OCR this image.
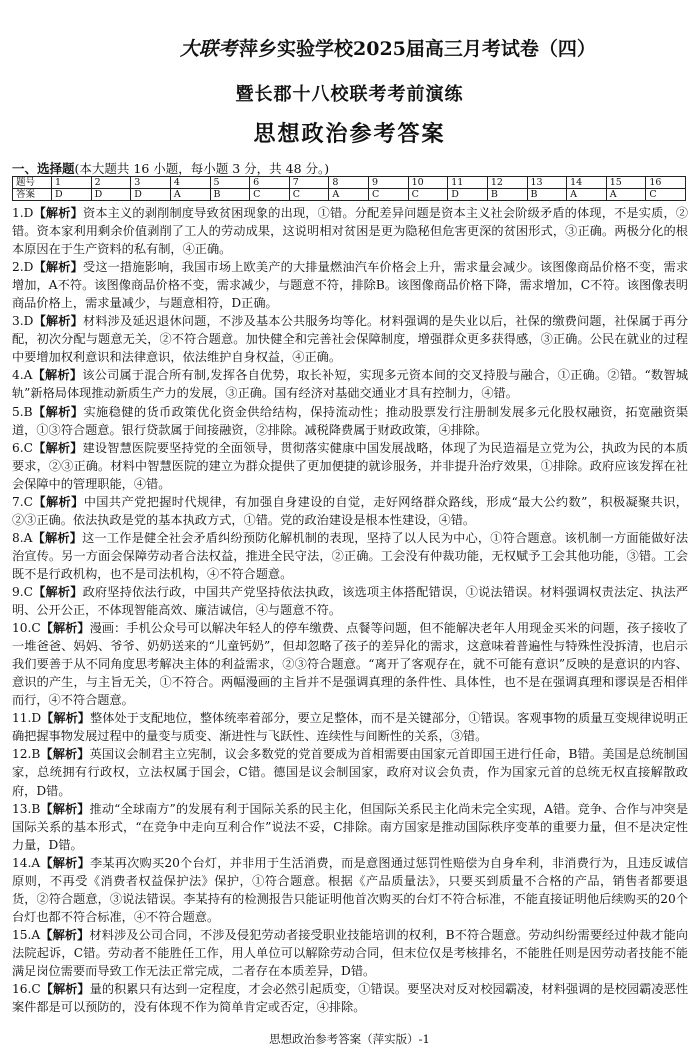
大联考 萍乡实验学校2025届高三月考试卷（四）
暨长郡十八校联考考前演练
思想政治参考答案
一、选择题(本大题共 16 小题，每小题 3 分，共 48 分。)
题号	1	2	3	4	5	6	7	8	9	10	11	12	13	14	15	16
答案	D	D	D	A	B	C	C	A	C	C	D	B	B	A	A	C

1.D【解析】资本主义的剥削制度导致贫困现象的出现，①错。分配差异问题是资本主义社会阶级矛盾的体现，不是实质，②错。资本家利用剩余价值剥削了工人的劳动成果，这说明相对贫困是更为隐秘但危害更深的贫困形式，③正确。两极分化的根本原因在于生产资料的私有制，④正确。

2.D【解析】受这一措施影响，我国市场上欧美产的大排量燃油汽车价格会上升，需求量会减少。该图像商品价格不变，需求增加，A不符。该图像商品价格不变，需求减少，与题意不符，排除B。该图像商品价格下降，需求增加，C不符。该图像表明商品价格上，需求量减少，与题意相符，D正确。

3.D【解析】材料涉及延迟退休问题，不涉及基本公共服务均等化。材料强调的是失业以后，社保的缴费问题，社保属于再分配，初次分配与题意无关，②不符合题意。加快健全和完善社会保障制度，增强群众更多获得感，③正确。公民在就业的过程中要增加权利意识和法律意识，依法维护自身权益，④正确。

4.A【解析】该公司属于混合所有制,发挥各自优势，取长补短，实现多元资本间的交叉持股与融合，①正确。②错。“数智城轨”新格局体现推动新质生产力的发展，③正确。国有经济对基础交通业才具有控制力，④错。

5.B【解析】实施稳健的货币政策优化资金供给结构，保持流动性；推动股票发行注册制发展多元化股权融资，拓宽融资渠道，①③符合题意。银行贷款属于间接融资，②排除。减税降费属于财政政策，④排除。

6.C【解析】建设智慧医院要坚持党的全面领导，贯彻落实健康中国发展战略，体现了为民造福是立党为公，执政为民的本质要求，②③正确。材料中智慧医院的建立为群众提供了更加便捷的就诊服务，并非提升治疗效果，①排除。政府应该发挥在社会保障中的管理职能，④错。

7.C【解析】中国共产党把握时代规律，有加强自身建设的自觉，走好网络群众路线，形成“最大公约数”，积极凝聚共识，②③正确。依法执政是党的基本执政方式，①错。党的政治建设是根本性建设，④错。

8.A【解析】这一工作是健全社会矛盾纠纷预防化解机制的表现，坚持了以人民为中心，①符合题意。该机制一方面能做好法治宣传。另一方面会保障劳动者合法权益，推进全民守法，②正确。工会没有仲裁功能，无权赋予工会其他功能，③错。工会既不是行政机构，也不是司法机构，④不符合题意。

9.C【解析】政府坚持依法行政，中国共产党坚持依法执政，该选项主体搭配错误，①说法错误。材料强调权责法定、执法严明、公开公正，不体现智能高效、廉洁诚信，④与题意不符。

10.C【解析】漫画：手机公众号可以解决年轻人的停车缴费、点餐等问题，但不能解决老年人用现金买米的问题，孩子接收了一堆爸爸、妈妈、爷爷、奶奶送来的“儿童钙奶”，但却忽略了孩子的差异化的需求，这意味着普遍性与特殊性没拆清，也启示我们要善于从不同角度思考解决主体的利益需求，②③符合题意。“离开了客观存在，就不可能有意识”反映的是意识的内容、意识的产生，与主旨无关，①不符合。两幅漫画的主旨并不是强调真理的条件性、具体性，也不是在强调真理和谬误是否相伴而行，④不符合题意。

11.D【解析】整体处于支配地位，整体统率着部分，要立足整体，而不是关键部分，①错误。客观事物的质量互变规律说明正确把握事物发展过程中的量变与质变、渐进性与飞跃性、连续性与间断性的关系，③错。

12.B【解析】英国议会制君主立宪制，议会多数党的党首要成为首相需要由国家元首即国王进行任命，B错。美国是总统制国家，总统拥有行政权，立法权属于国会，C错。德国是议会制国家，政府对议会负责，作为国家元首的总统无权直接解散政府，D错。

13.B【解析】推动“全球南方”的发展有利于国际关系的民主化，但国际关系民主化尚未完全实现，A错。竞争、合作与冲突是国际关系的基本形式，“在竞争中走向互利合作”说法不妥，C排除。南方国家是推动国际秩序变革的重要力量，但不是决定性力量，D错。

14.A【解析】李某再次购买20个台灯，并非用于生活消费，而是意图通过惩罚性赔偿为自身牟利，非消费行为，且违反诚信原则，不再受《消费者权益保护法》保护，①符合题意。根据《产品质量法》，只要买到质量不合格的产品，销售者都要退货，②符合题意，③说法错误。李某持有的检测报告只能证明他首次购买的台灯不符合标准，不能直接证明他后续购买的20个台灯也都不符合标准，④不符合题意。

15.A【解析】材料涉及公司合同，不涉及侵犯劳动者接受职业技能培训的权利，B不符合题意。劳动纠纷需要经过仲裁才能向法院起诉，C错。劳动者不能胜任工作，用人单位可以解除劳动合同，但末位仅是考核排名，不能胜任则是因劳动者技能不能满足岗位需要而导致工作无法正常完成，二者存在本质差异，D错。

16.C【解析】量的积累只有达到一定程度，才会必然引起质变，①错误。要坚决对反对校园霸凌，材料强调的是校园霸凌恶性案件都是可以预防的，没有体现不作为简单肯定或否定，④排除。

思想政治参考答案（萍实版）-1
